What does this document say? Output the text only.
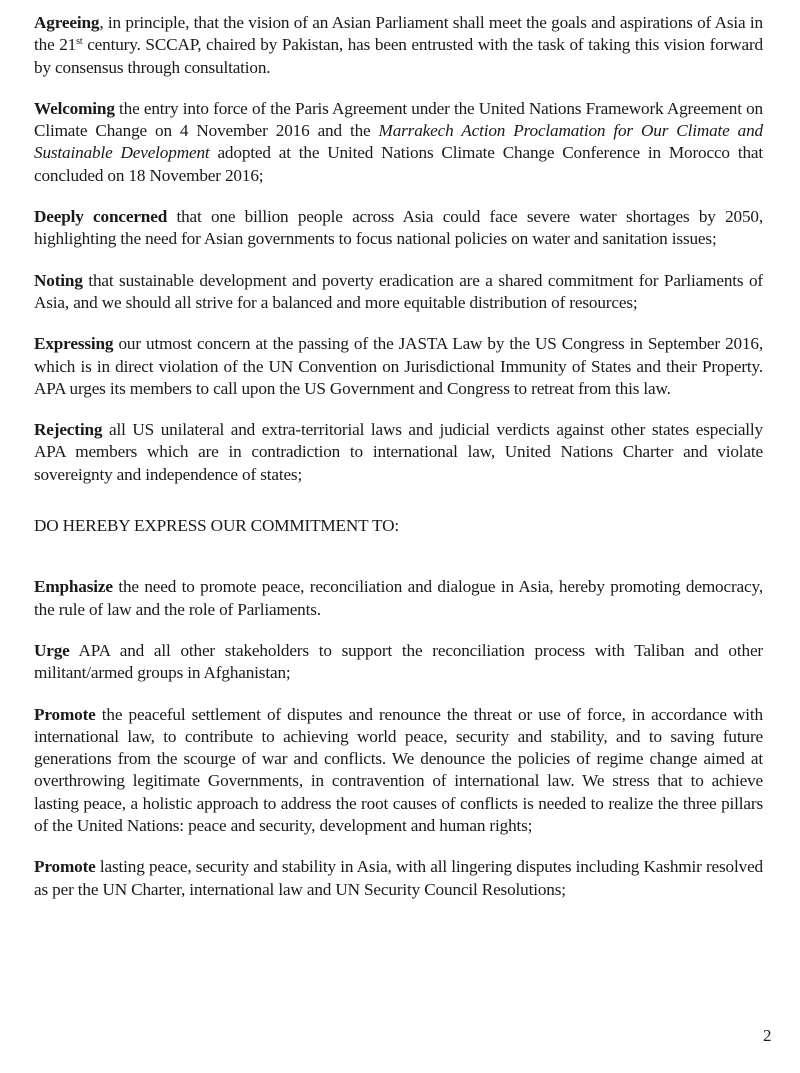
Agreeing, in principle, that the vision of an Asian Parliament shall meet the goals and aspirations of Asia in the 21st century. SCCAP, chaired by Pakistan, has been entrusted with the task of taking this vision forward by consensus through consultation.

Welcoming the entry into force of the Paris Agreement under the United Nations Framework Agreement on Climate Change on 4 November 2016 and the Marrakech Action Proclamation for Our Climate and Sustainable Development adopted at the United Nations Climate Change Conference in Morocco that concluded on 18 November 2016;

Deeply concerned that one billion people across Asia could face severe water shortages by 2050, highlighting the need for Asian governments to focus national policies on water and sanitation issues;

Noting that sustainable development and poverty eradication are a shared commitment for Parliaments of Asia, and we should all strive for a balanced and more equitable distribution of resources;

Expressing our utmost concern at the passing of the JASTA Law by the US Congress in September 2016, which is in direct violation of the UN Convention on Jurisdictional Immunity of States and their Property. APA urges its members to call upon the US Government and Congress to retreat from this law.

Rejecting all US unilateral and extra-territorial laws and judicial verdicts against other states especially APA members which are in contradiction to international law, United Nations Charter and violate sovereignty and independence of states;

DO HEREBY EXPRESS OUR COMMITMENT TO:

Emphasize the need to promote peace, reconciliation and dialogue in Asia, hereby promoting democracy, the rule of law and the role of Parliaments.

Urge APA and all other stakeholders to support the reconciliation process with Taliban and other militant/armed groups in Afghanistan;

Promote the peaceful settlement of disputes and renounce the threat or use of force, in accordance with international law, to contribute to achieving world peace, security and stability, and to saving future generations from the scourge of war and conflicts. We denounce the policies of regime change aimed at overthrowing legitimate Governments, in contravention of international law. We stress that to achieve lasting peace, a holistic approach to address the root causes of conflicts is needed to realize the three pillars of the United Nations: peace and security, development and human rights;

Promote lasting peace, security and stability in Asia, with all lingering disputes including Kashmir resolved as per the UN Charter, international law and UN Security Council Resolutions;

2
